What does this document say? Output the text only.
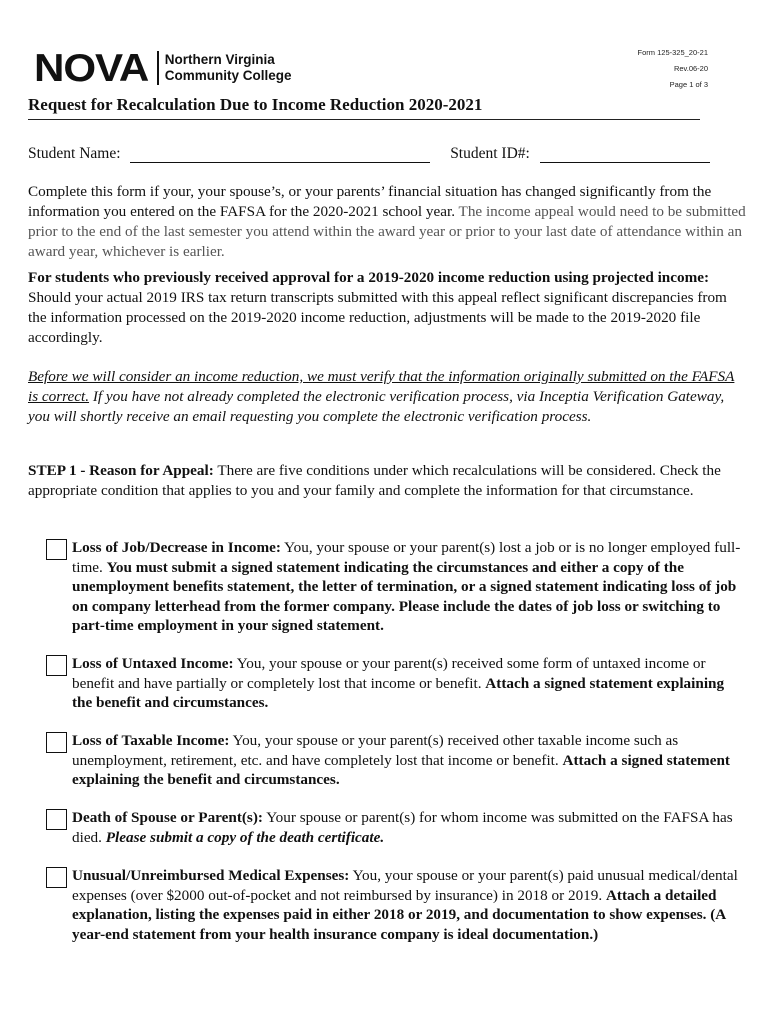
NOVA Northern Virginia
Community College
Form 125-325_20-21
Rev.06-20
Page 1 of 3
Request for Recalculation Due to Income Reduction 2020-2021
Student Name:	Student ID#:

Complete this form if your, your spouse’s, or your parents’ financial situation has changed significantly from the information you entered on the FAFSA for the 2020-2021 school year. The income appeal would need to be submitted prior to the end of the last semester you attend within the award year or prior to your last date of attendance within an award year, whichever is earlier.

For students who previously received approval for a 2019-2020 income reduction using projected income: Should your actual 2019 IRS tax return transcripts submitted with this appeal reflect significant discrepancies from the information processed on the 2019-2020 income reduction, adjustments will be made to the 2019-2020 file accordingly.

Before we will consider an income reduction, we must verify that the information originally submitted on the FAFSA is correct. If you have not already completed the electronic verification process, via Inceptia Verification Gateway, you will shortly receive an email requesting you complete the electronic verification process.

STEP 1 - Reason for Appeal: There are five conditions under which recalculations will be considered. Check the appropriate condition that applies to you and your family and complete the information for that circumstance.

Loss of Job/Decrease in Income: You, your spouse or your parent(s) lost a job or is no longer employed full-time. You must submit a signed statement indicating the circumstances and either a copy of the unemployment benefits statement, the letter of termination, or a signed statement indicating loss of job on company letterhead from the former company. Please include the dates of job loss or switching to part-time employment in your signed statement.

Loss of Untaxed Income: You, your spouse or your parent(s) received some form of untaxed income or benefit and have partially or completely lost that income or benefit. Attach a signed statement explaining the benefit and circumstances.

Loss of Taxable Income: You, your spouse or your parent(s) received other taxable income such as unemployment, retirement, etc. and have completely lost that income or benefit. Attach a signed statement explaining the benefit and circumstances.

Death of Spouse or Parent(s): Your spouse or parent(s) for whom income was submitted on the FAFSA has died. Please submit a copy of the death certificate.

Unusual/Unreimbursed Medical Expenses: You, your spouse or your parent(s) paid unusual medical/dental expenses (over $2000 out-of-pocket and not reimbursed by insurance) in 2018 or 2019. Attach a detailed explanation, listing the expenses paid in either 2018 or 2019, and documentation to show expenses. (A year-end statement from your health insurance company is ideal documentation.)
